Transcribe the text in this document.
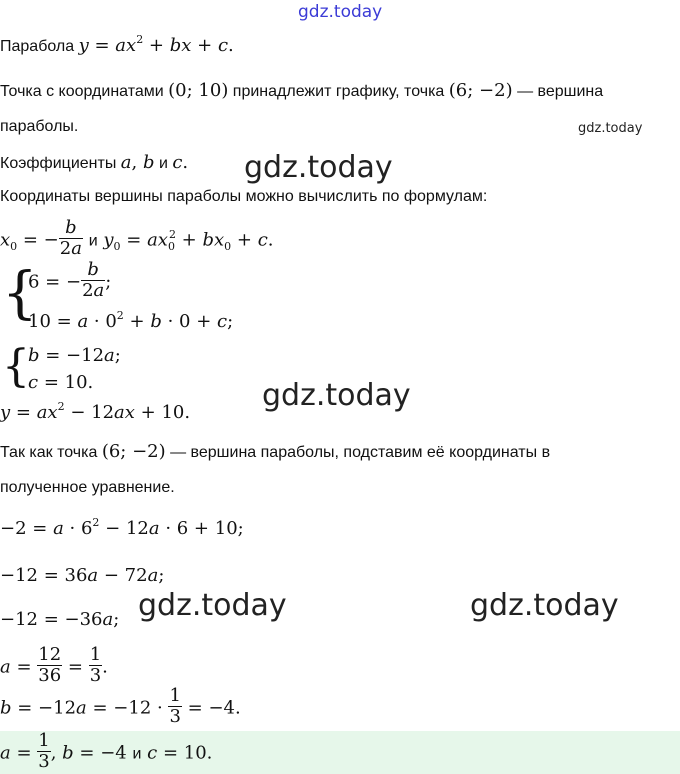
gdz.today
Парабола $y = ax^2$ + bx + c.
Точка с координатами (0; 10) принадлежит графику, точка (6; −2) — вершина
параболы.	gdz.today
Коэффициенты a, b и c. gdz.today
Координаты вершины параболы можно вычислить по формулам:
$x_0$ = − $\frac{b}{2a}$ и $y_0 = ax_0^2 + bx_0 + c$.
{
6 = − $\frac{b}{2a}$ ;
$10 = a \cdot 0^2 + b \cdot 0 + c$;
{
b = −12a;
c = 10.
$y = ax^2 - 12ax + 10$. gdz.today
Так как точка (6; −2) — вершина параболы, подставим её координаты в
полученное уравнение.
$-2 = a \cdot 6^2 - 12a \cdot 6 + 10$;
−12 = 36a − 72a;
−12 = −36a; gdz.today	gdz.today
$a = \frac{12}{36} = \frac{1}{3}$ .
$b = -12a = -12 \cdot \frac{1}{3} = -4$.
$a = \frac{1}{3}$ , b = −4 и c = 10.
